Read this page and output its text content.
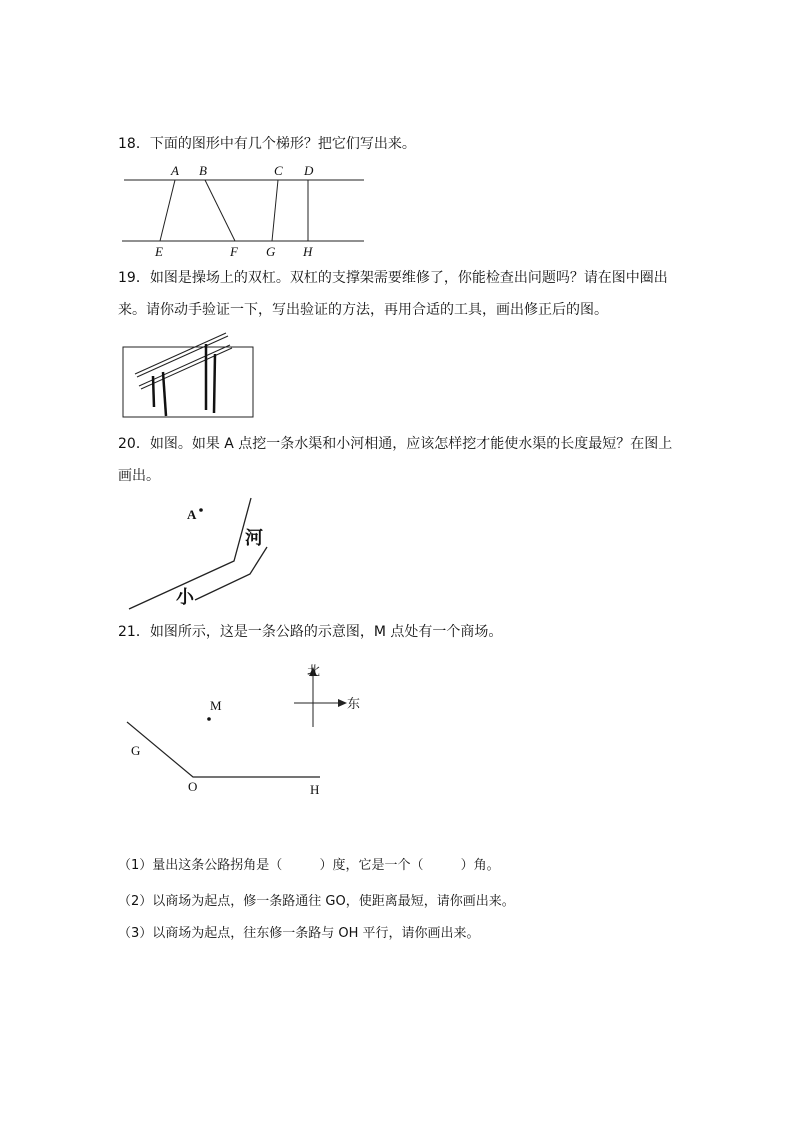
18．下面的图形中有几个梯形？把它们写出来。

A B	C D
E	F G H

19．如图是操场上的双杠。双杠的支撑架需要维修了，你能检查出问题吗？请在图中圈出

来。请你动手验证一下，写出验证的方法，再用合适的工具，画出修正后的图。

20．如图。如果 A 点挖一条水渠和小河相通，应该怎样挖才能使水渠的长度最短？在图上

画出。

A
河
小

21．如图所示，这是一条公路的示意图，M 点处有一个商场。

北
东
M
G
O	H

（1）量出这条公路拐角是（         ）度，它是一个（         ）角。

（2）以商场为起点，修一条路通往 GO，使距离最短，请你画出来。

（3）以商场为起点，往东修一条路与 OH 平行，请你画出来。
